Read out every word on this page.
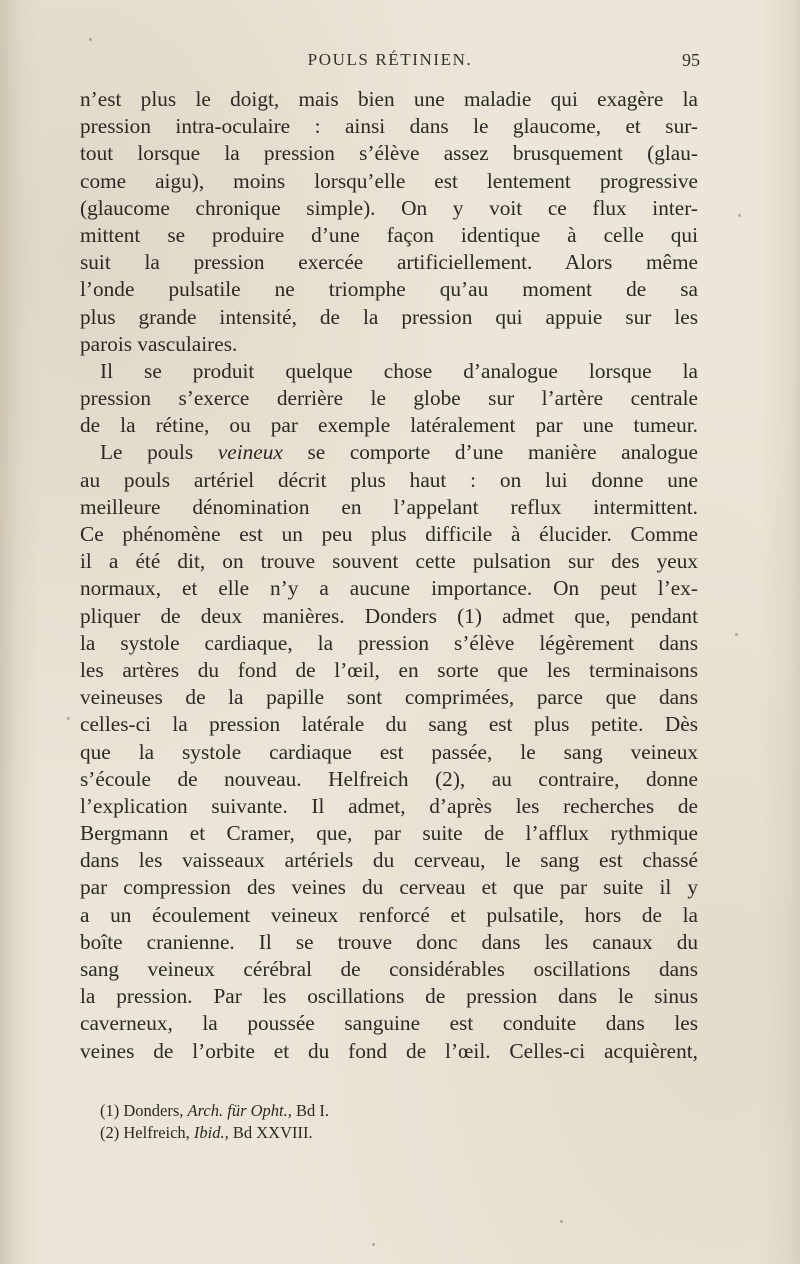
POULS RÉTINIEN.	95
n’est plus le doigt, mais bien une maladie qui exagère la
pression intra-oculaire : ainsi dans le glaucome, et sur-
tout lorsque la pression s’élève assez brusquement (glau-
come aigu), moins lorsqu’elle est lentement progressive
(glaucome chronique simple). On y voit ce flux inter-
mittent se produire d’une façon identique à celle qui
suit la pression exercée artificiellement. Alors même
l’onde pulsatile ne triomphe qu’au moment de sa
plus grande intensité, de la pression qui appuie sur les
parois vasculaires.
Il se produit quelque chose d’analogue lorsque la
pression s’exerce derrière le globe sur l’artère centrale
de la rétine, ou par exemple latéralement par une tumeur.
Le pouls veineux se comporte d’une manière analogue
au pouls artériel décrit plus haut : on lui donne une
meilleure dénomination en l’appelant reflux intermittent.
Ce phénomène est un peu plus difficile à élucider. Comme
il a été dit, on trouve souvent cette pulsation sur des yeux
normaux, et elle n’y a aucune importance. On peut l’ex-
pliquer de deux manières. Donders (1) admet que, pendant
la systole cardiaque, la pression s’élève légèrement dans
les artères du fond de l’œil, en sorte que les terminaisons
veineuses de la papille sont comprimées, parce que dans
celles-ci la pression latérale du sang est plus petite. Dès
que la systole cardiaque est passée, le sang veineux
s’écoule de nouveau. Helfreich (2), au contraire, donne
l’explication suivante. Il admet, d’après les recherches de
Bergmann et Cramer, que, par suite de l’afflux rythmique
dans les vaisseaux artériels du cerveau, le sang est chassé
par compression des veines du cerveau et que par suite il y
a un écoulement veineux renforcé et pulsatile, hors de la
boîte cranienne. Il se trouve donc dans les canaux du
sang veineux cérébral de considérables oscillations dans
la pression. Par les oscillations de pression dans le sinus
caverneux, la poussée sanguine est conduite dans les
veines de l’orbite et du fond de l’œil. Celles-ci acquièrent,
(1) Donders, Arch. für Opht., Bd I.
(2) Helfreich, Ibid., Bd XXVIII.
